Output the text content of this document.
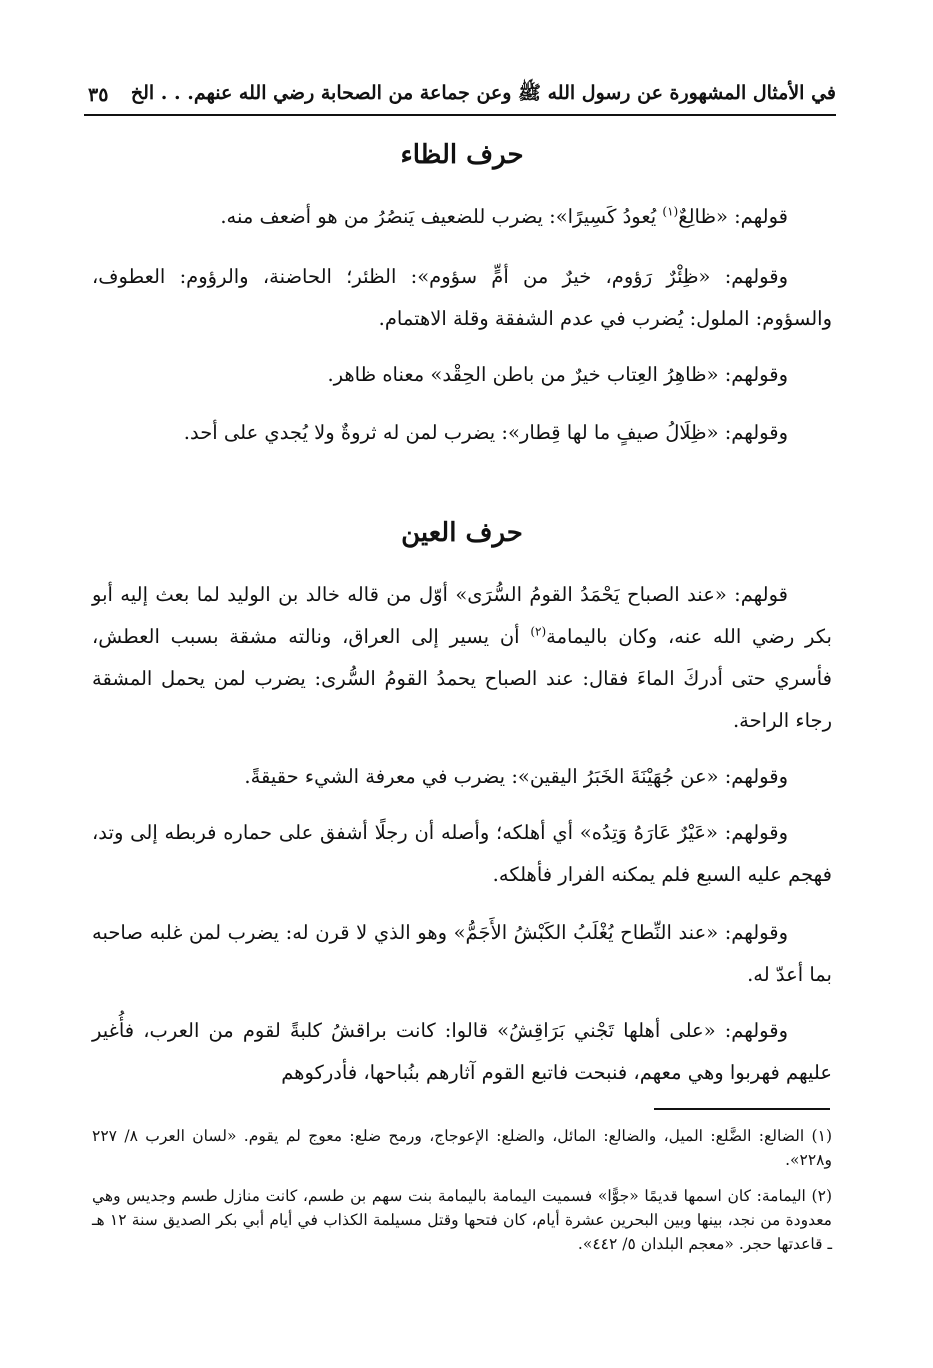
في الأمثال المشهورة عن رسول الله ﷺ وعن جماعة من الصحابة رضي الله عنهم. . . الخ
٣٥
حرف الظاء

قولهم: «ظالِعٌ$^{(١)}$ يُعودُ كَسِيرًا»: يضرب للضعيف يَنصُرُ من هو أضعف منه.

وقولهم: «ظِئْرٌ رَؤوم، خيرٌ من أمٍّ سؤوم»: الظئر؛ الحاضنة، والرؤوم: العطوف، والسؤوم: الملول: يُضرب في عدم الشفقة وقلة الاهتمام.

وقولهم: «ظاهِرُ العِتاب خيرٌ من باطن الحِقْد» معناه ظاهر.

وقولهم: «ظِلَالُ صيفٍ ما لها قِطار»: يضرب لمن له ثروةٌ ولا يُجدي على أحد.

حرف العين

قولهم: «عند الصباح يَحْمَدُ القومُ السُّرَى» أوّل من قاله خالد بن الوليد لما بعث إليه أبو بكر رضي الله عنه، وكان باليمامة$^{(٢)}$ أن يسير إلى العراق، ونالته مشقة بسبب العطش، فأسري حتى أدركَ الماءَ فقال: عند الصباح يحمدُ القومُ السُّرى: يضرب لمن يحمل المشقة رجاء الراحة.

وقولهم: «عن جُهَيْنَةَ الخَبَرُ اليقين»: يضرب في معرفة الشيء حقيقةً.

وقولهم: «عَيْرٌ عَارَهُ وَتِدُه» أي أهلكه؛ وأصله أن رجلًا أشفق على حماره فربطه إلى وتد، فهجم عليه السبع فلم يمكنه الفرار فأهلكه.

وقولهم: «عند النِّطاح يُغْلَبُ الكَبْشُ الأَجَمُّ» وهو الذي لا قرن له: يضرب لمن غلبه صاحبه بما أعدّ له.

وقولهم: «على أهلها تَجْني بَرَاقِشُ» قالوا: كانت براقشُ كلبةً لقوم من العرب، فأُغير عليهم فهربوا وهي معهم، فنبحت فاتبع القوم آثارهم بنُباحها، فأدركوهم

(١) الضالع: الضَّلع: الميل، والضالع: المائل، والضلع: الإعوجاج، ورمح ضلع: معوج لم يقوم. «لسان العرب ٨/ ٢٢٧ و٢٢٨».

(٢) اليمامة: كان اسمها قديمًا «جوًّا» فسميت اليمامة باليمامة بنت سهم بن طسم، كانت منازل طسم وجديس وهي معدودة من نجد، بينها وبين البحرين عشرة أيام، كان فتحها وقتل مسيلمة الكذاب في أيام أبي بكر الصديق سنة ١٢ هـ ـ قاعدتها حجر. «معجم البلدان ٥/ ٤٤٢».
